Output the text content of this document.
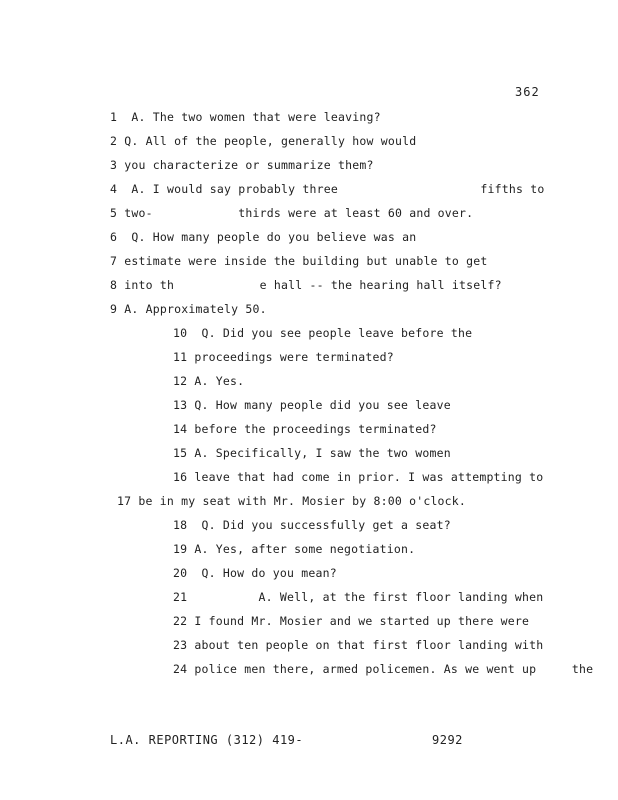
362
1  A. The two women that were leaving?
2 Q. All of the people, generally how would
3 you characterize or summarize them?
4  A. I would say probably three                    fifths to
5 two-            thirds were at least 60 and over.
6  Q. How many people do you believe was an
7 estimate were inside the building but unable to get
8 into th            e hall -- the hearing hall itself?
9 A. Approximately 50.
10  Q. Did you see people leave before the
11 proceedings were terminated?
12 A. Yes.
13 Q. How many people did you see leave
14 before the proceedings terminated?
15 A. Specifically, I saw the two women
16 leave that had come in prior. I was attempting to
17 be in my seat with Mr. Mosier by 8:00 o'clock.
18  Q. Did you successfully get a seat?
19 A. Yes, after some negotiation.
20  Q. How do you mean?
21          A. Well, at the first floor landing when
22 I found Mr. Mosier and we started up there were
23 about ten people on that first floor landing with
24 police men there, armed policemen. As we went up     the
L.A. REPORTING (312) 419-	9292
